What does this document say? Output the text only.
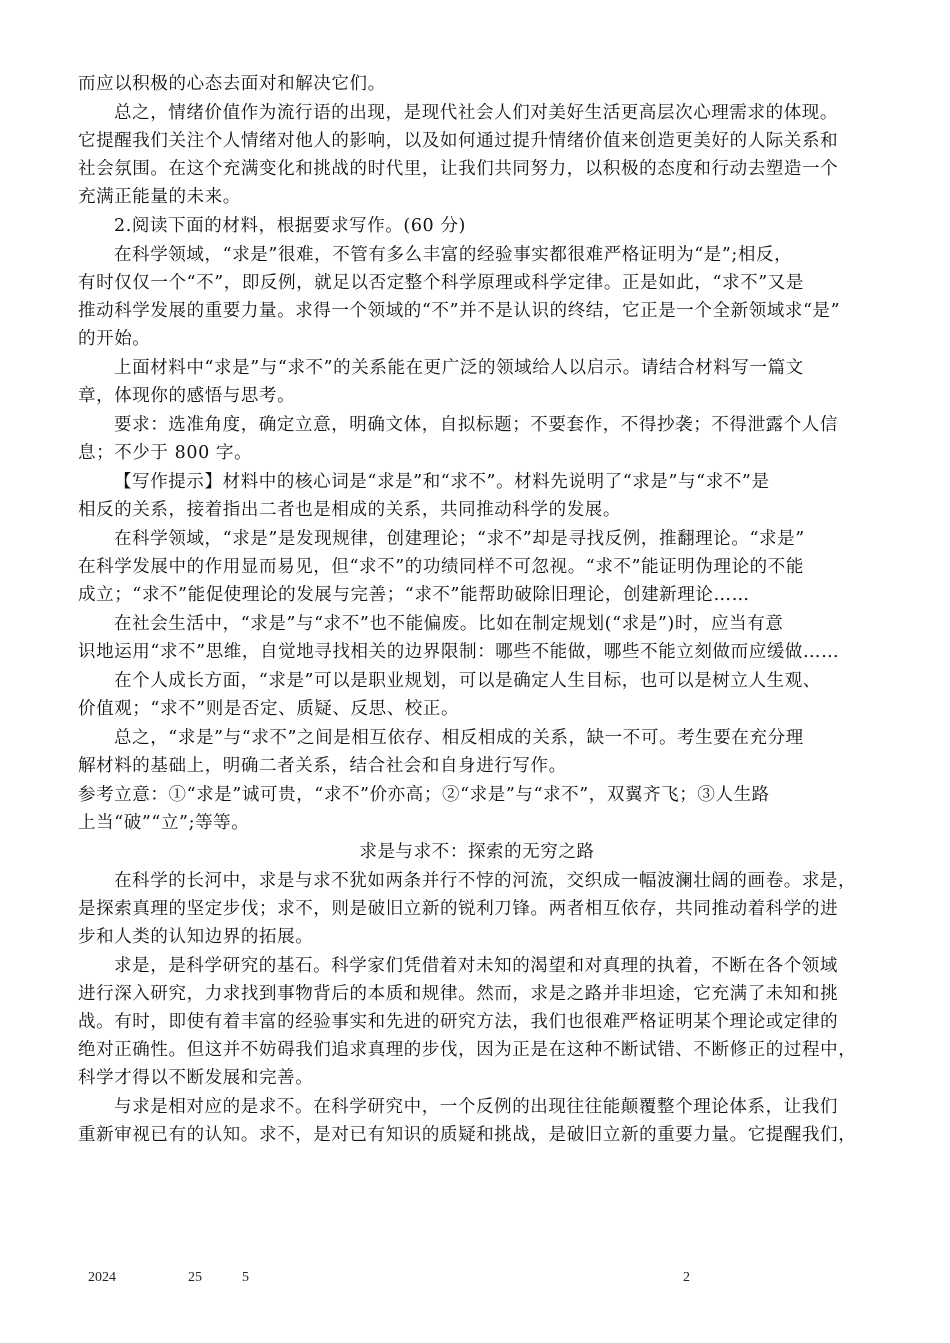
而应以积极的心态去面对和解决它们。
总之，情绪价值作为流行语的出现，是现代社会人们对美好生活更高层次心理需求的体现。
它提醒我们关注个人情绪对他人的影响，以及如何通过提升情绪价值来创造更美好的人际关系和
社会氛围。在这个充满变化和挑战的时代里，让我们共同努力，以积极的态度和行动去塑造一个
充满正能量的未来。
2.阅读下面的材料，根据要求写作。(60 分)
在科学领域，“求是”很难，不管有多么丰富的经验事实都很难严格证明为“是”;相反，
有时仅仅一个“不”，即反例，就足以否定整个科学原理或科学定律。正是如此，“求不”又是
推动科学发展的重要力量。求得一个领域的“不”并不是认识的终结，它正是一个全新领域求“是”
的开始。
上面材料中“求是”与“求不”的关系能在更广泛的领域给人以启示。请结合材料写一篇文
章，体现你的感悟与思考。
要求：选准角度，确定立意，明确文体，自拟标题；不要套作，不得抄袭；不得泄露个人信
息；不少于 800 字。
【写作提示】材料中的核心词是“求是”和“求不”。材料先说明了“求是”与“求不”是
相反的关系，接着指出二者也是相成的关系，共同推动科学的发展。
在科学领域，“求是”是发现规律，创建理论；“求不”却是寻找反例，推翻理论。“求是”
在科学发展中的作用显而易见，但“求不”的功绩同样不可忽视。“求不”能证明伪理论的不能
成立；“求不”能促使理论的发展与完善；“求不”能帮助破除旧理论，创建新理论……
在社会生活中，“求是”与“求不”也不能偏废。比如在制定规划(“求是”)时，应当有意
识地运用“求不”思维，自觉地寻找相关的边界限制：哪些不能做，哪些不能立刻做而应缓做……
在个人成长方面，“求是”可以是职业规划，可以是确定人生目标，也可以是树立人生观、
价值观；“求不”则是否定、质疑、反思、校正。
总之，“求是”与“求不”之间是相互依存、相反相成的关系，缺一不可。考生要在充分理
解材料的基础上，明确二者关系，结合社会和自身进行写作。
参考立意：①“求是”诚可贵，“求不”价亦高；②“求是”与“求不”，双翼齐飞；③人生路
上当“破”“立”;等等。
求是与求不：探索的无穷之路
在科学的长河中，求是与求不犹如两条并行不悖的河流，交织成一幅波澜壮阔的画卷。求是，
是探索真理的坚定步伐；求不，则是破旧立新的锐利刀锋。两者相互依存，共同推动着科学的进
步和人类的认知边界的拓展。
求是，是科学研究的基石。科学家们凭借着对未知的渴望和对真理的执着，不断在各个领域
进行深入研究，力求找到事物背后的本质和规律。然而，求是之路并非坦途，它充满了未知和挑
战。有时，即使有着丰富的经验事实和先进的研究方法，我们也很难严格证明某个理论或定律的
绝对正确性。但这并不妨碍我们追求真理的步伐，因为正是在这种不断试错、不断修正的过程中，
科学才得以不断发展和完善。
与求是相对应的是求不。在科学研究中，一个反例的出现往往能颠覆整个理论体系，让我们
重新审视已有的认知。求不，是对已有知识的质疑和挑战，是破旧立新的重要力量。它提醒我们，
2024	25	5	2
